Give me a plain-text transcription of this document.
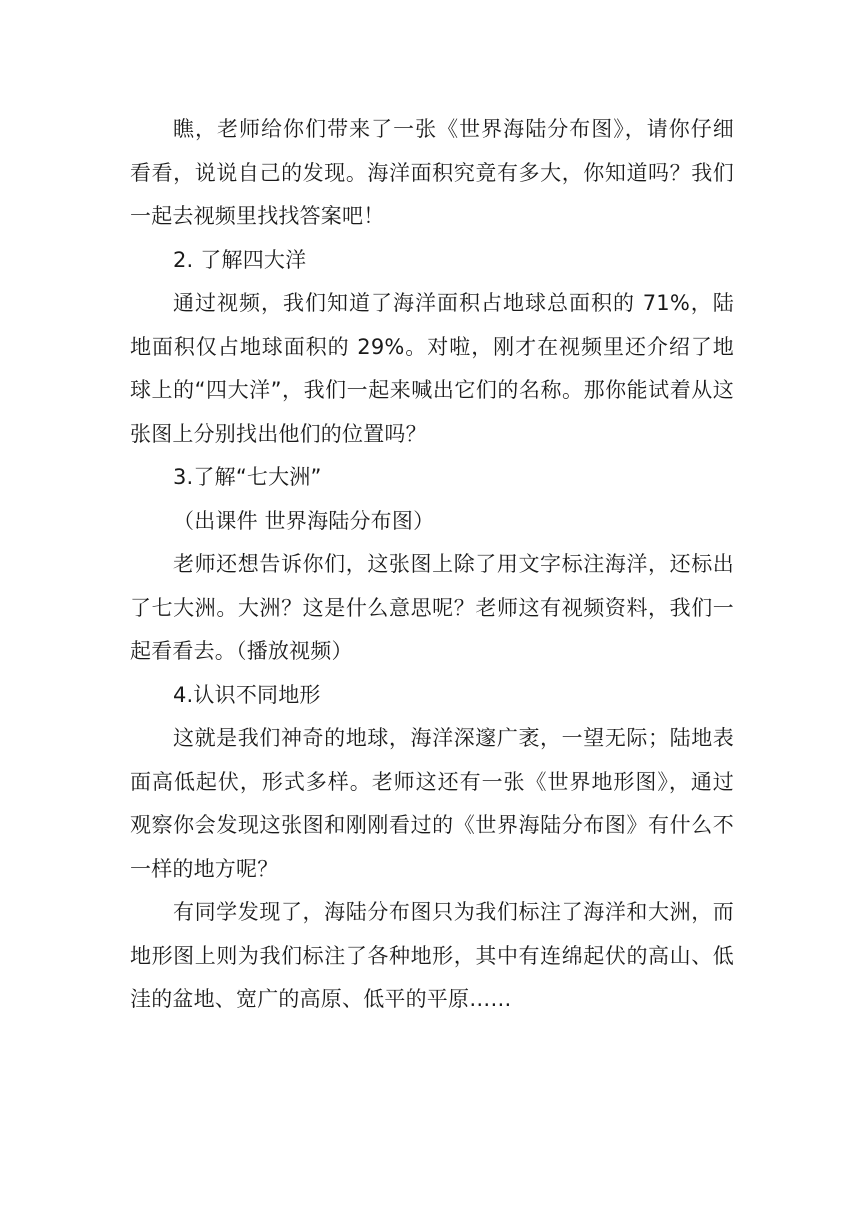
瞧，老师给你们带来了一张《世界海陆分布图》，请你仔细看看，说说自己的发现。海洋面积究竟有多大，你知道吗？我们一起去视频里找找答案吧！

2. 了解四大洋

通过视频，我们知道了海洋面积占地球总面积的 71%，陆地面积仅占地球面积的 29%。对啦，刚才在视频里还介绍了地球上的“四大洋”，我们一起来喊出它们的名称。那你能试着从这张图上分别找出他们的位置吗？

3.了解“七大洲”

（出课件 世界海陆分布图）

老师还想告诉你们，这张图上除了用文字标注海洋，还标出了七大洲。大洲？这是什么意思呢？老师这有视频资料，我们一起看看去。（播放视频）

4.认识不同地形

这就是我们神奇的地球，海洋深邃广袤，一望无际；陆地表面高低起伏，形式多样。老师这还有一张《世界地形图》，通过观察你会发现这张图和刚刚看过的《世界海陆分布图》有什么不一样的地方呢？

有同学发现了，海陆分布图只为我们标注了海洋和大洲，而地形图上则为我们标注了各种地形，其中有连绵起伏的高山、低洼的盆地、宽广的高原、低平的平原……
